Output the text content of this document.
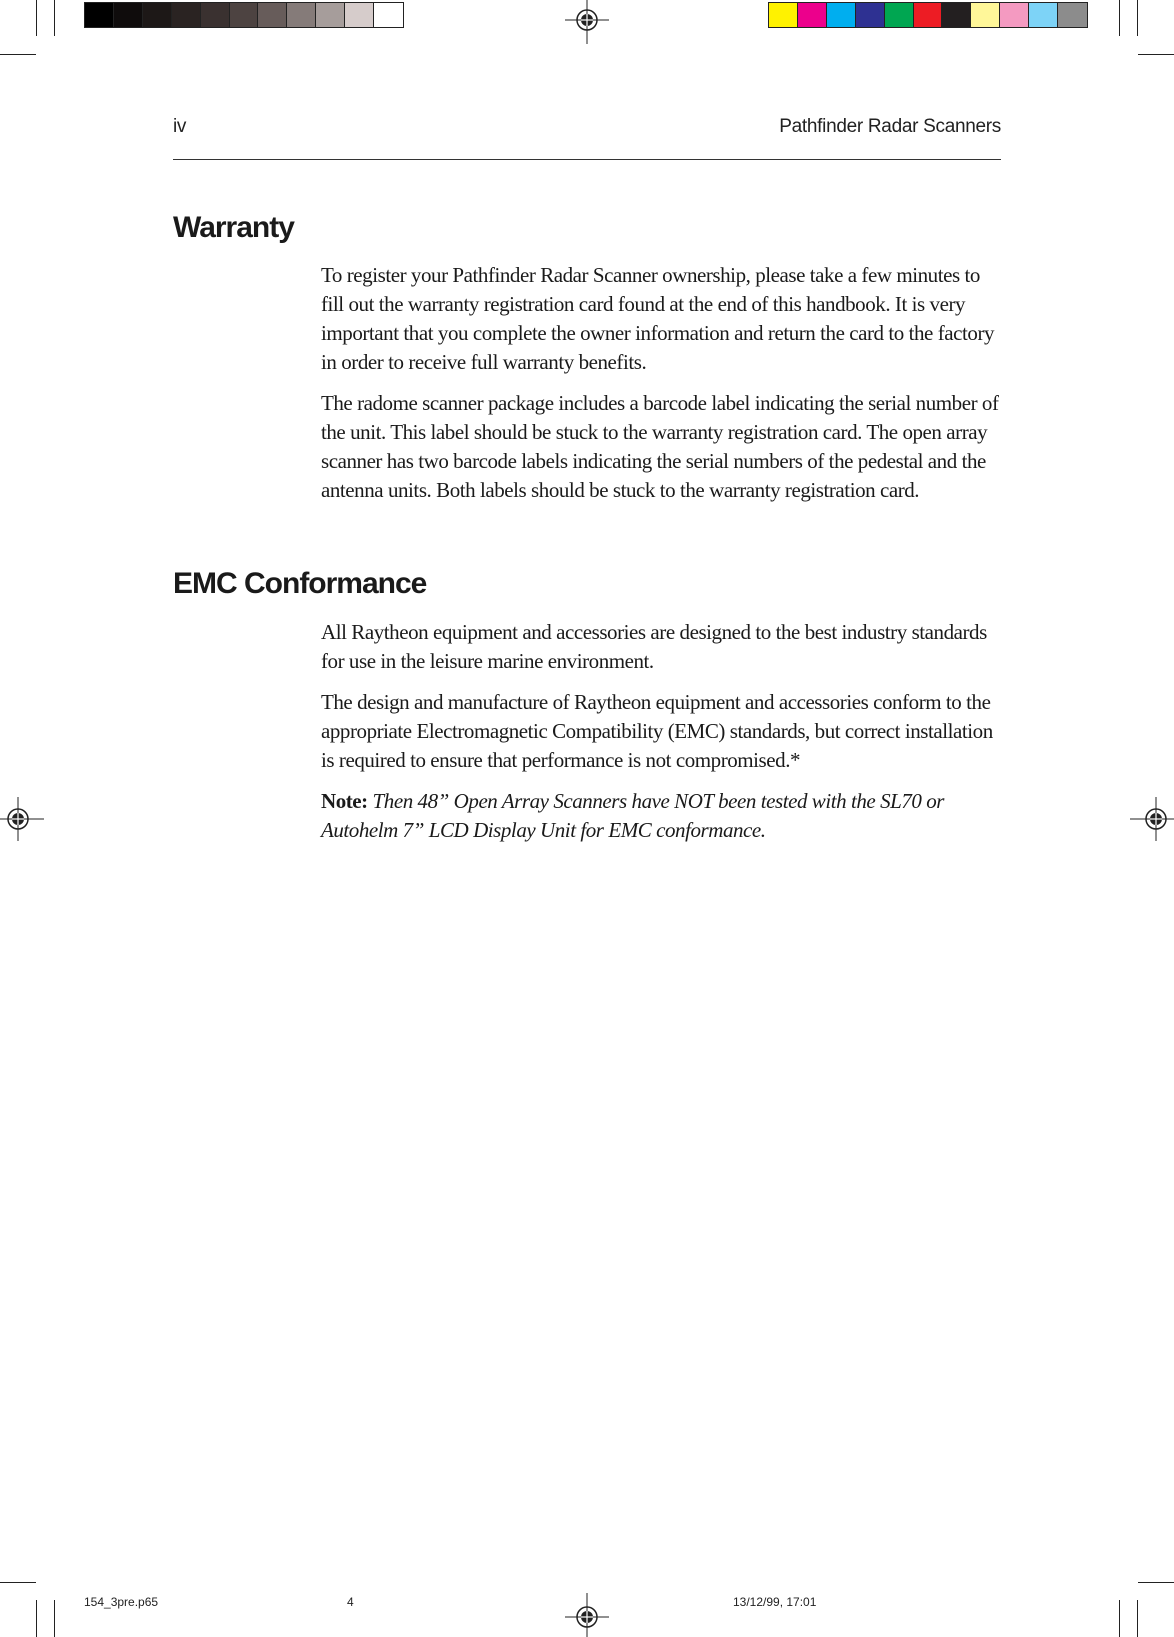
iv	Pathfinder Radar Scanners
Warranty

To register your Pathfinder Radar Scanner ownership, please take a few minutes to fill out the warranty registration card found at the end of this handbook. It is very important that you complete the owner information and return the card to the factory in order to receive full warranty benefits.

The radome scanner package includes a barcode label indicating the serial number of the unit. This label should be stuck to the warranty registration card. The open array scanner has two barcode labels indicating the serial numbers of the pedestal and the antenna units. Both labels should be stuck to the warranty registration card.

EMC Conformance

All Raytheon equipment and accessories are designed to the best industry standards for use in the leisure marine environment.

The design and manufacture of Raytheon equipment and accessories conform to the appropriate Electromagnetic Compatibility (EMC) standards, but correct installation is required to ensure that performance is not compromised.*

Note: Then 48” Open Array Scanners have NOT been tested with the SL70 or Autohelm 7” LCD Display Unit for EMC conformance.

154_3pre.p65	4	13/12/99, 17:01
